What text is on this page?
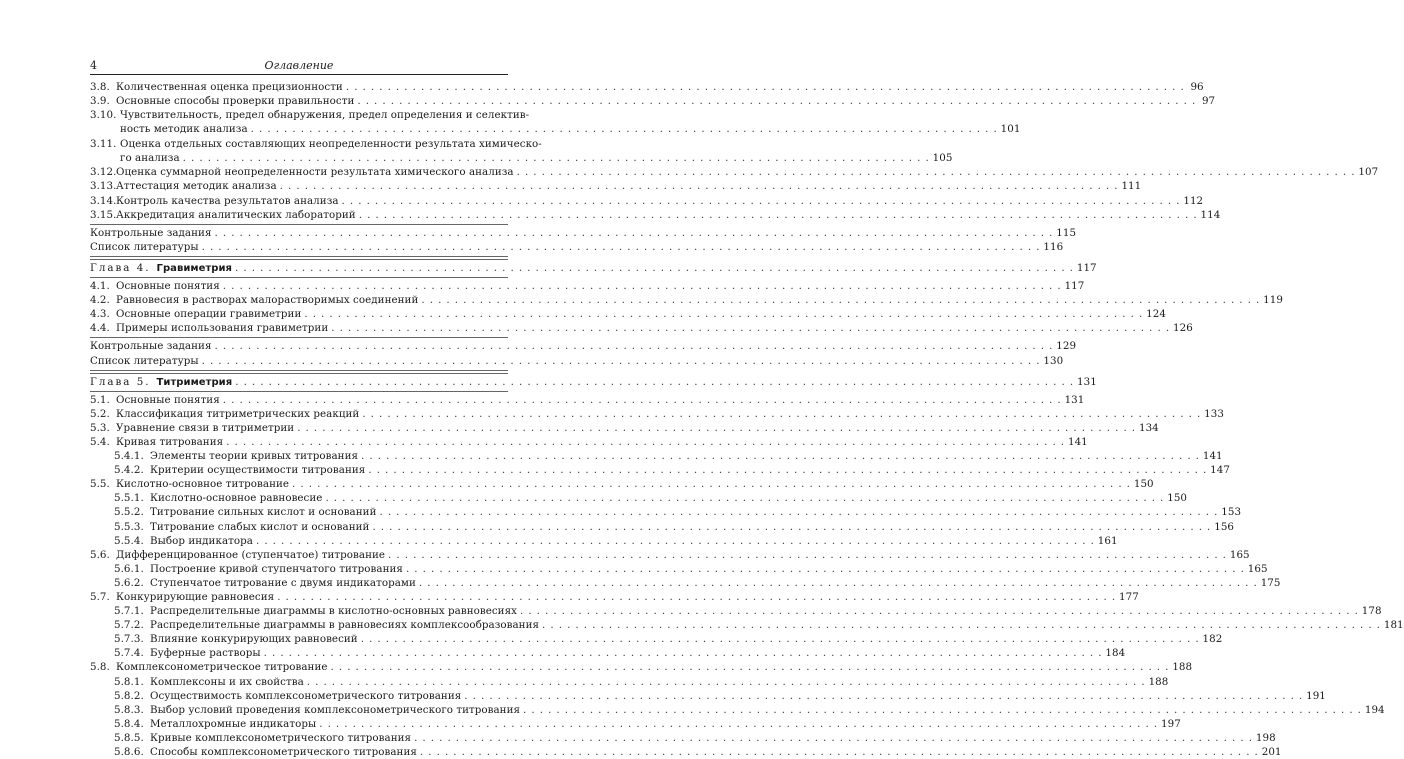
4	Оглавление
3.8. Количественная оценка прецизионности . . .	96
3.9. Основные способы проверки правильности . . .	97
3.10. Чувствительность, предел обнаружения, предел определения и селектив-
ность методик анализа . . .	101
3.11. Оценка отдельных составляющих неопределенности результата химическо-
го анализа . . .	105
3.12. Оценка суммарной неопределенности результата химического анализа . . .	107
3.13. Аттестация методик анализа . . .	111
3.14. Контроль качества результатов анализа . . .	112
3.15. Аккредитация аналитических лабораторий . . .	114
Контрольные задания . . .	115
Список литературы . . .	116
Глава 4. Гравиметрия . . .	117
4.1. Основные понятия . . .	117
4.2. Равновесия в растворах малорастворимых соединений . . .	119
4.3. Основные операции гравиметрии . . .	124
4.4. Примеры использования гравиметрии . . .	126
Контрольные задания . . .	129
Список литературы . . .	130
Глава 5. Титриметрия . . .	131
5.1. Основные понятия . . .	131
5.2. Классификация титриметрических реакций . . .	133
5.3. Уравнение связи в титриметрии . . .	134
5.4. Кривая титрования . . .	141
5.4.1. Элементы теории кривых титрования . . .	141
5.4.2. Критерии осуществимости титрования . . .	147
5.5. Кислотно-основное титрование . . .	150
5.5.1. Кислотно-основное равновесие . . .	150
5.5.2. Титрование сильных кислот и оснований . . .	153
5.5.3. Титрование слабых кислот и оснований . . .	156
5.5.4. Выбор индикатора . . .	161
5.6. Дифференцированное (ступенчатое) титрование . . .	165
5.6.1. Построение кривой ступенчатого титрования . . .	165
5.6.2. Ступенчатое титрование с двумя индикаторами . . .	175
5.7. Конкурирующие равновесия . . .	177
5.7.1. Распределительные диаграммы в кислотно-основных равновесиях . . .	178
5.7.2. Распределительные диаграммы в равновесиях комплексообразования . . .	181
5.7.3. Влияние конкурирующих равновесий . . .	182
5.7.4. Буферные растворы . . .	184
5.8. Комплексонометрическое титрование . . .	188
5.8.1. Комплексоны и их свойства . . .	188
5.8.2. Осуществимость комплексонометрического титрования . . .	191
5.8.3. Выбор условий проведения комплексонометрического титрования . . .	194
5.8.4. Металлохромные индикаторы . . .	197
5.8.5. Кривые комплексонометрического титрования . . .	198
5.8.6. Способы комплексонометрического титрования . . .	201
